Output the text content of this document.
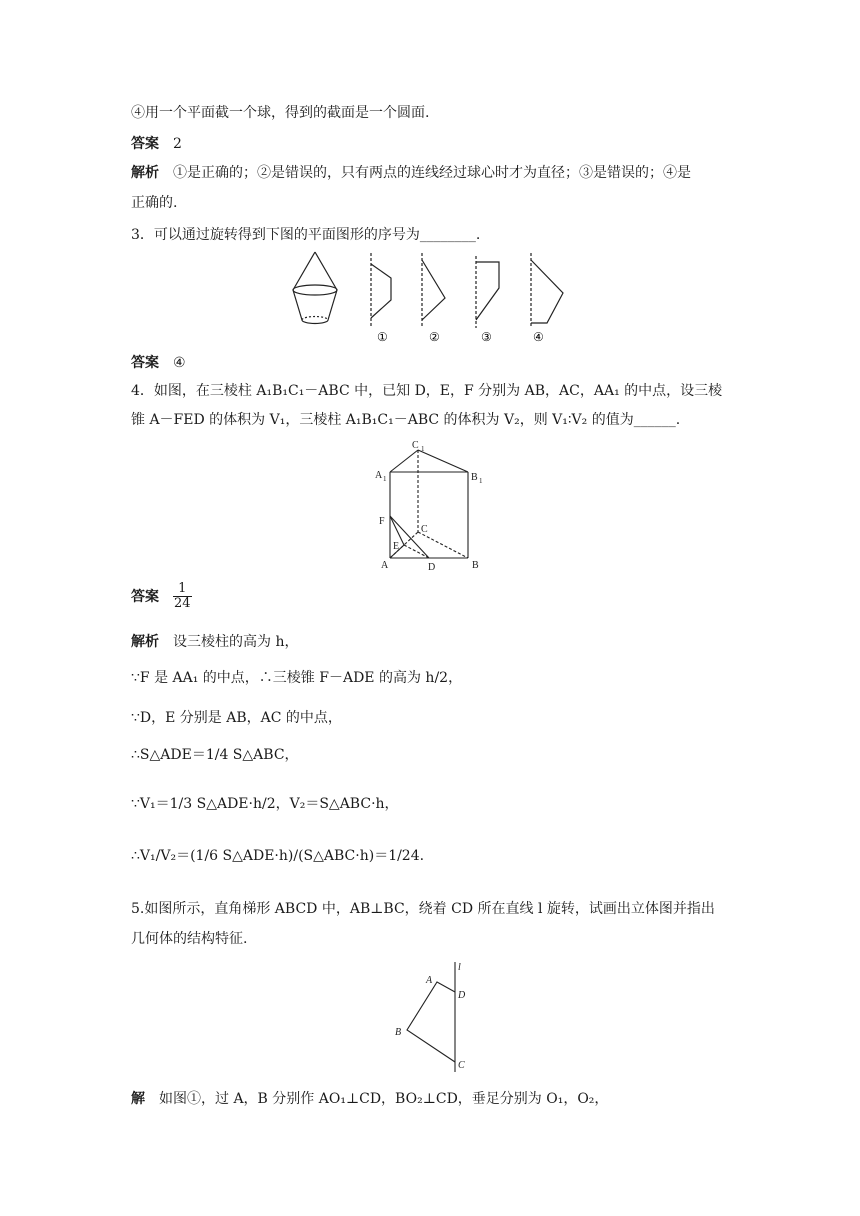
④用一个平面截一个球，得到的截面是一个圆面.
答案 2
解析 ①是正确的；②是错误的，只有两点的连线经过球心时才为直径；③是错误的；④是
正确的.
3．可以通过旋转得到下图的平面图形的序号为________.
①	②	③	④
答案 ④
4．如图，在三棱柱 A₁B₁C₁－ABC 中，已知 D，E，F 分别为 AB，AC，AA₁ 的中点，设三棱
锥 A－FED 的体积为 V₁，三棱柱 A₁B₁C₁－ABC 的体积为 V₂，则 V₁∶V₂ 的值为______.
C 1
A 1	B 1
F
C
E
A	D	B
答案 $\frac{1}{24}$
解析 设三棱柱的高为 h，
∵F 是 AA₁ 的中点，∴三棱锥 F－ADE 的高为 h/2，
∵D，E 分别是 AB，AC 的中点，
∴S△ADE＝1/4 S△ABC，
∵V₁＝1/3 S△ADE·h/2，V₂＝S△ABC·h，
∴V₁/V₂＝(1/6 S△ADE·h)/(S△ABC·h)＝1/24.
5.如图所示，直角梯形 ABCD 中，AB⊥BC，绕着 CD 所在直线 l 旋转，试画出立体图并指出
几何体的结构特征.
l
A
D
B
C
解 如图①，过 A，B 分别作 AO₁⊥CD，BO₂⊥CD，垂足分别为 O₁，O₂，
